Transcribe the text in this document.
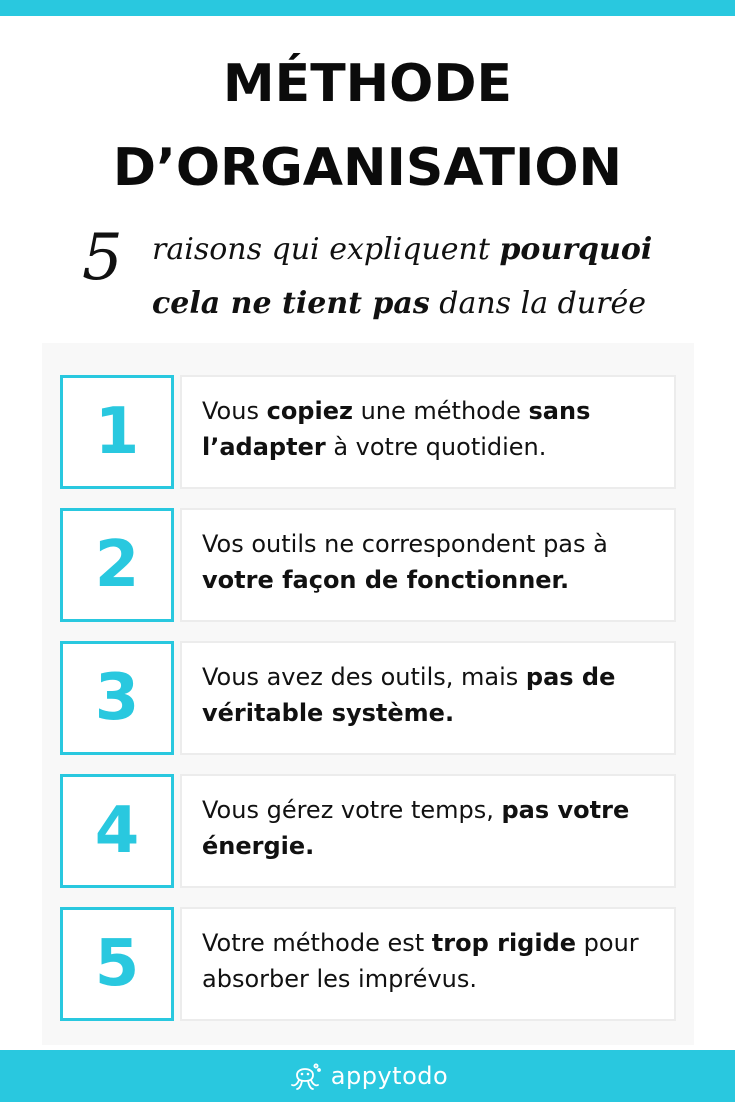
MÉTHODE
D’ORGANISATION
5 raisons qui expliquent pourquoi
cela ne tient pas dans la durée
1	Vous copiez une méthode sans l’adapter à votre quotidien.

2	Vos outils ne correspondent pas à votre façon de fonctionner.

3	Vous avez des outils, mais pas de véritable système.

4	Vous gérez votre temps, pas votre énergie.

5	Votre méthode est trop rigide pour absorber les imprévus.

appytodo
